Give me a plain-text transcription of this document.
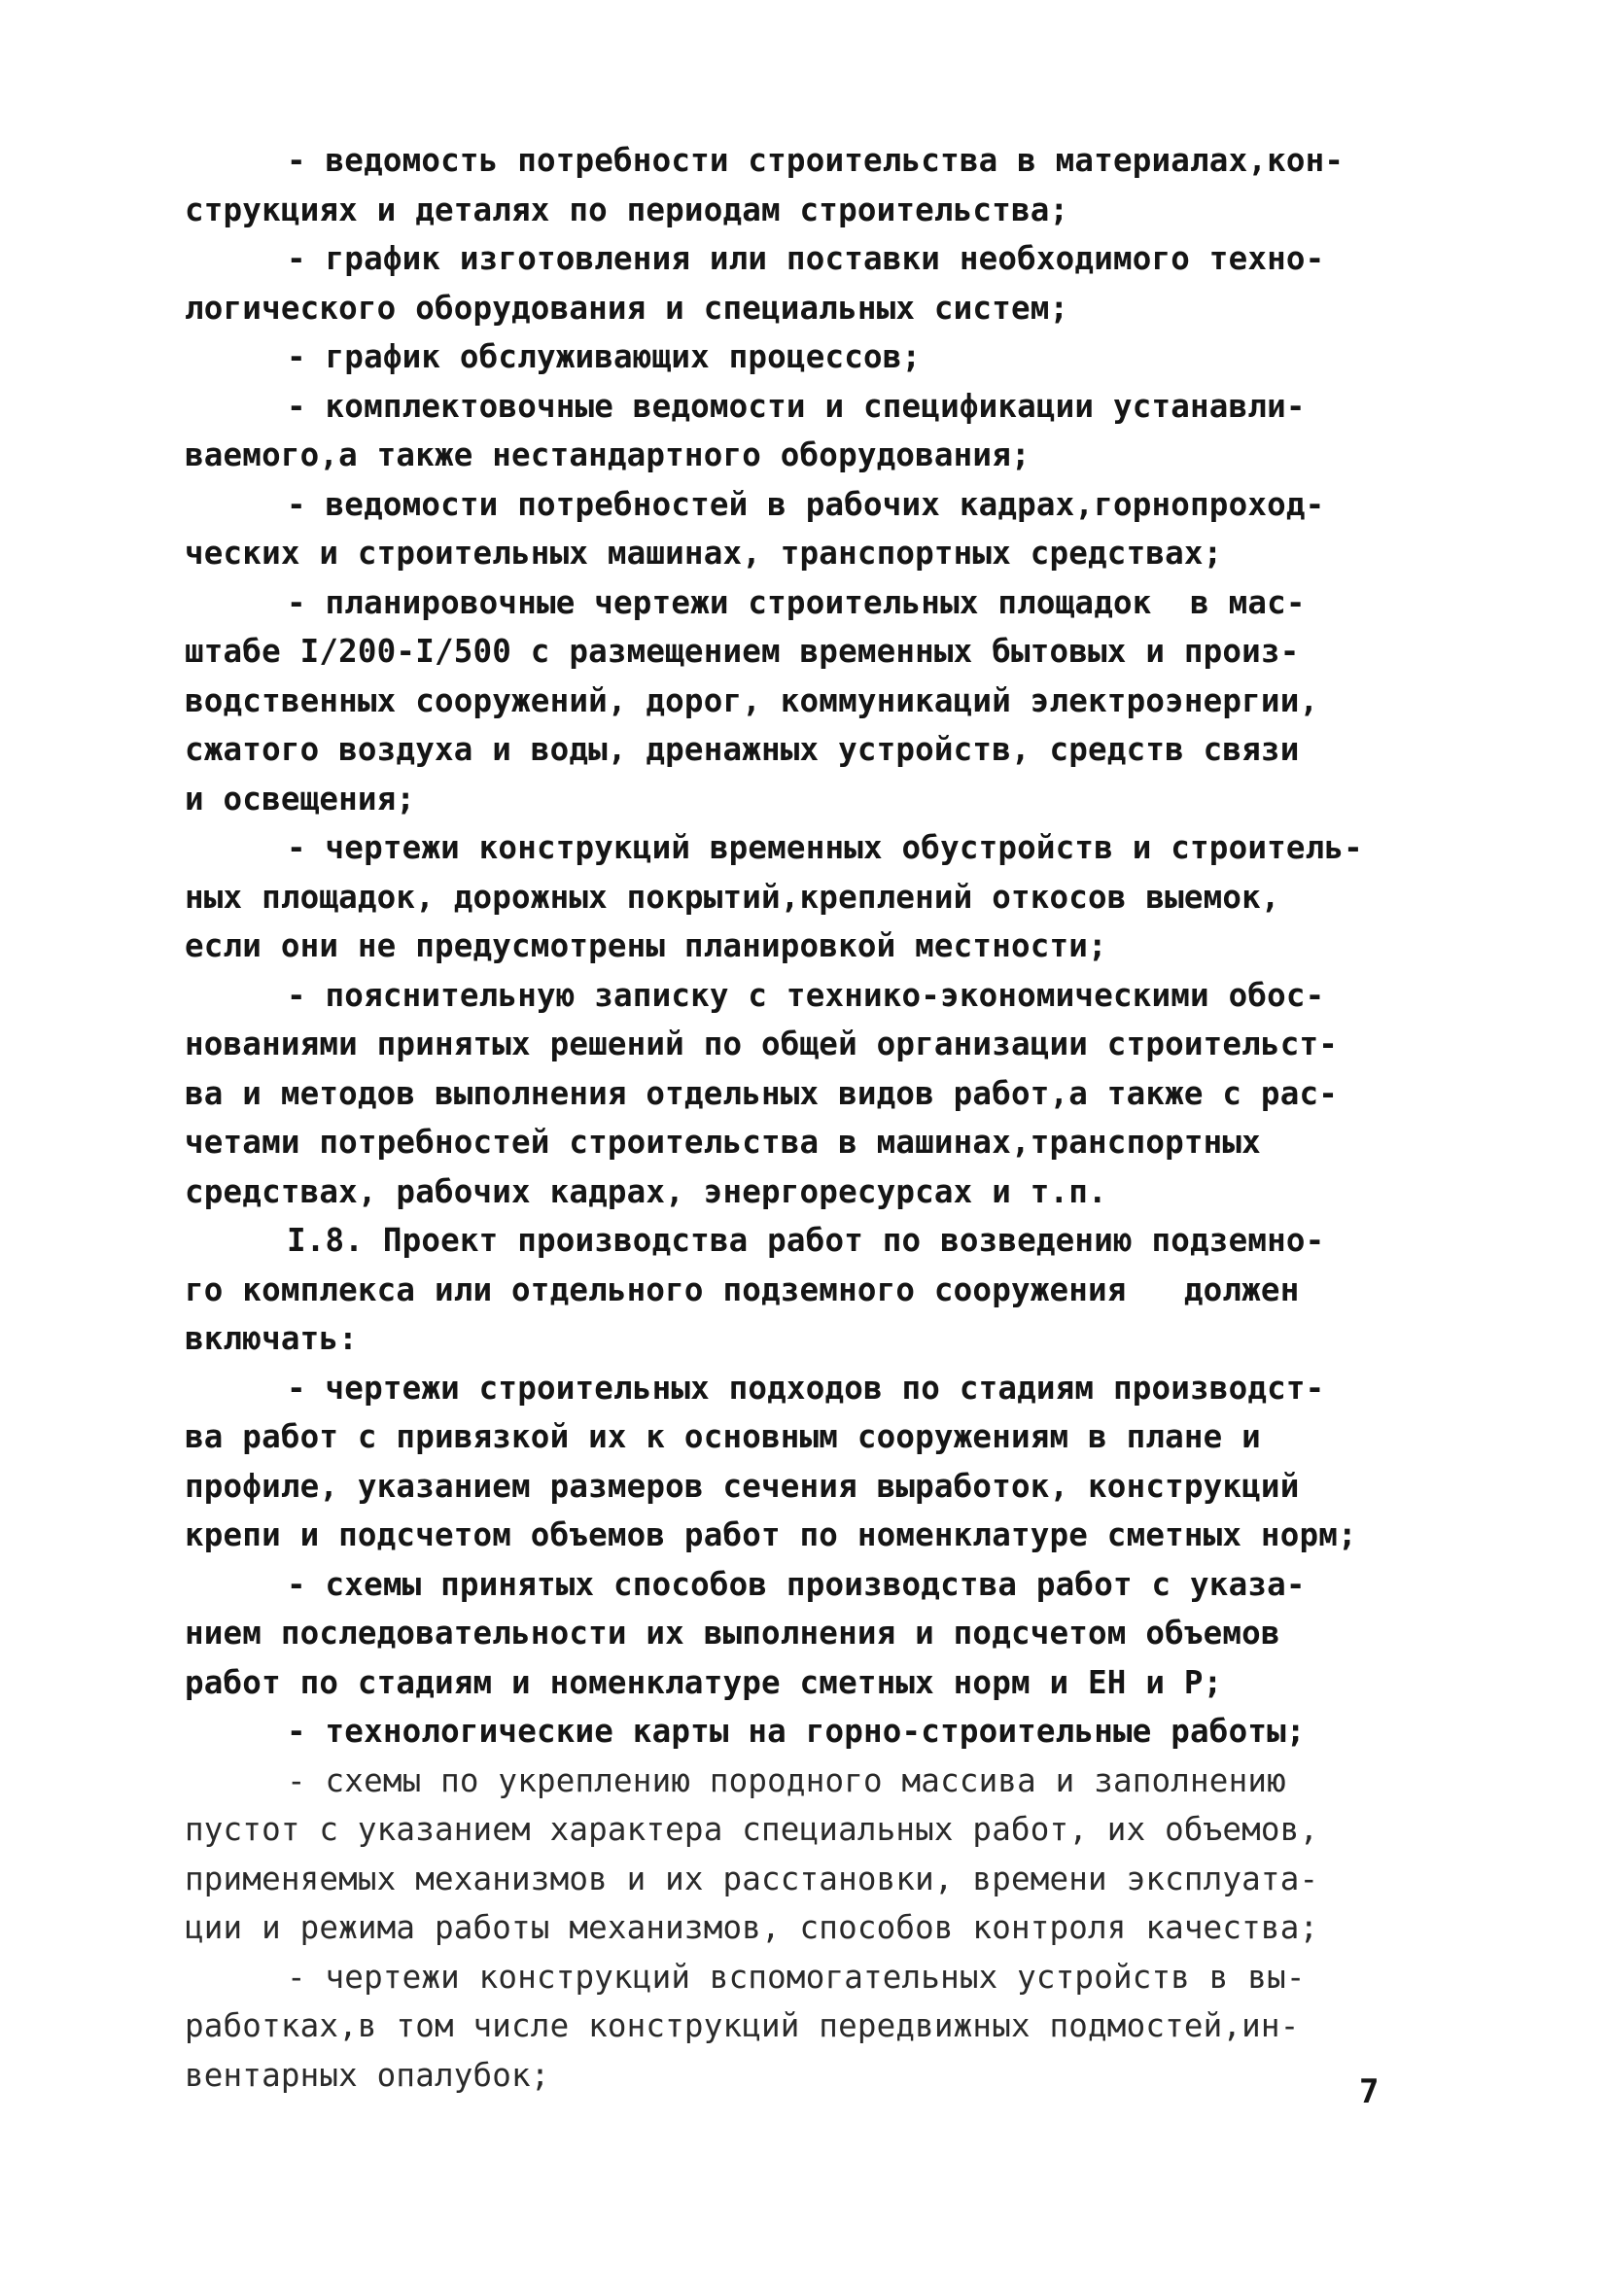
- ведомость потребности строительства в материалах,кон-
струкциях и деталях по периодам строительства;
- график изготовления или поставки необходимого техно-
логического оборудования и специальных систем;
- график обслуживающих процессов;
- комплектовочные ведомости и спецификации устанавли-
ваемого,а также нестандартного оборудования;
- ведомости потребностей в рабочих кадрах,горнопроход-
ческих и строительных машинах, транспортных средствах;
- планировочные чертежи строительных площадок  в мас-
штабе I/200-I/500 с размещением временных бытовых и произ-
водственных сооружений, дорог, коммуникаций электроэнергии,
сжатого воздуха и воды, дренажных устройств, средств связи
и освещения;
- чертежи конструкций временных обустройств и строитель-
ных площадок, дорожных покрытий,креплений откосов выемок,
если они не предусмотрены планировкой местности;
- пояснительную записку с технико-экономическими обос-
нованиями принятых решений по общей организации строительст-
ва и методов выполнения отдельных видов работ,а также с рас-
четами потребностей строительства в машинах,транспортных
средствах, рабочих кадрах, энергоресурсах и т.п.
I.8. Проект производства работ по возведению подземно-
го комплекса или отдельного подземного сооружения   должен
включать:
- чертежи строительных подходов по стадиям производст-
ва работ с привязкой их к основным сооружениям в плане и
профиле, указанием размеров сечения выработок, конструкций
крепи и подсчетом объемов работ по номенклатуре сметных норм;
- схемы принятых способов производства работ с указа-
нием последовательности их выполнения и подсчетом объемов
работ по стадиям и номенклатуре сметных норм и ЕН и Р;
- технологические карты на горно-строительные работы;
- схемы по укреплению породного массива и заполнению
пустот с указанием характера специальных работ, их объемов,
применяемых механизмов и их расстановки, времени эксплуата-
ции и режима работы механизмов, способов контроля качества;
- чертежи конструкций вспомогательных устройств в вы-
работках,в том числе конструкций передвижных подмостей,ин-
вентарных опалубок;	7
